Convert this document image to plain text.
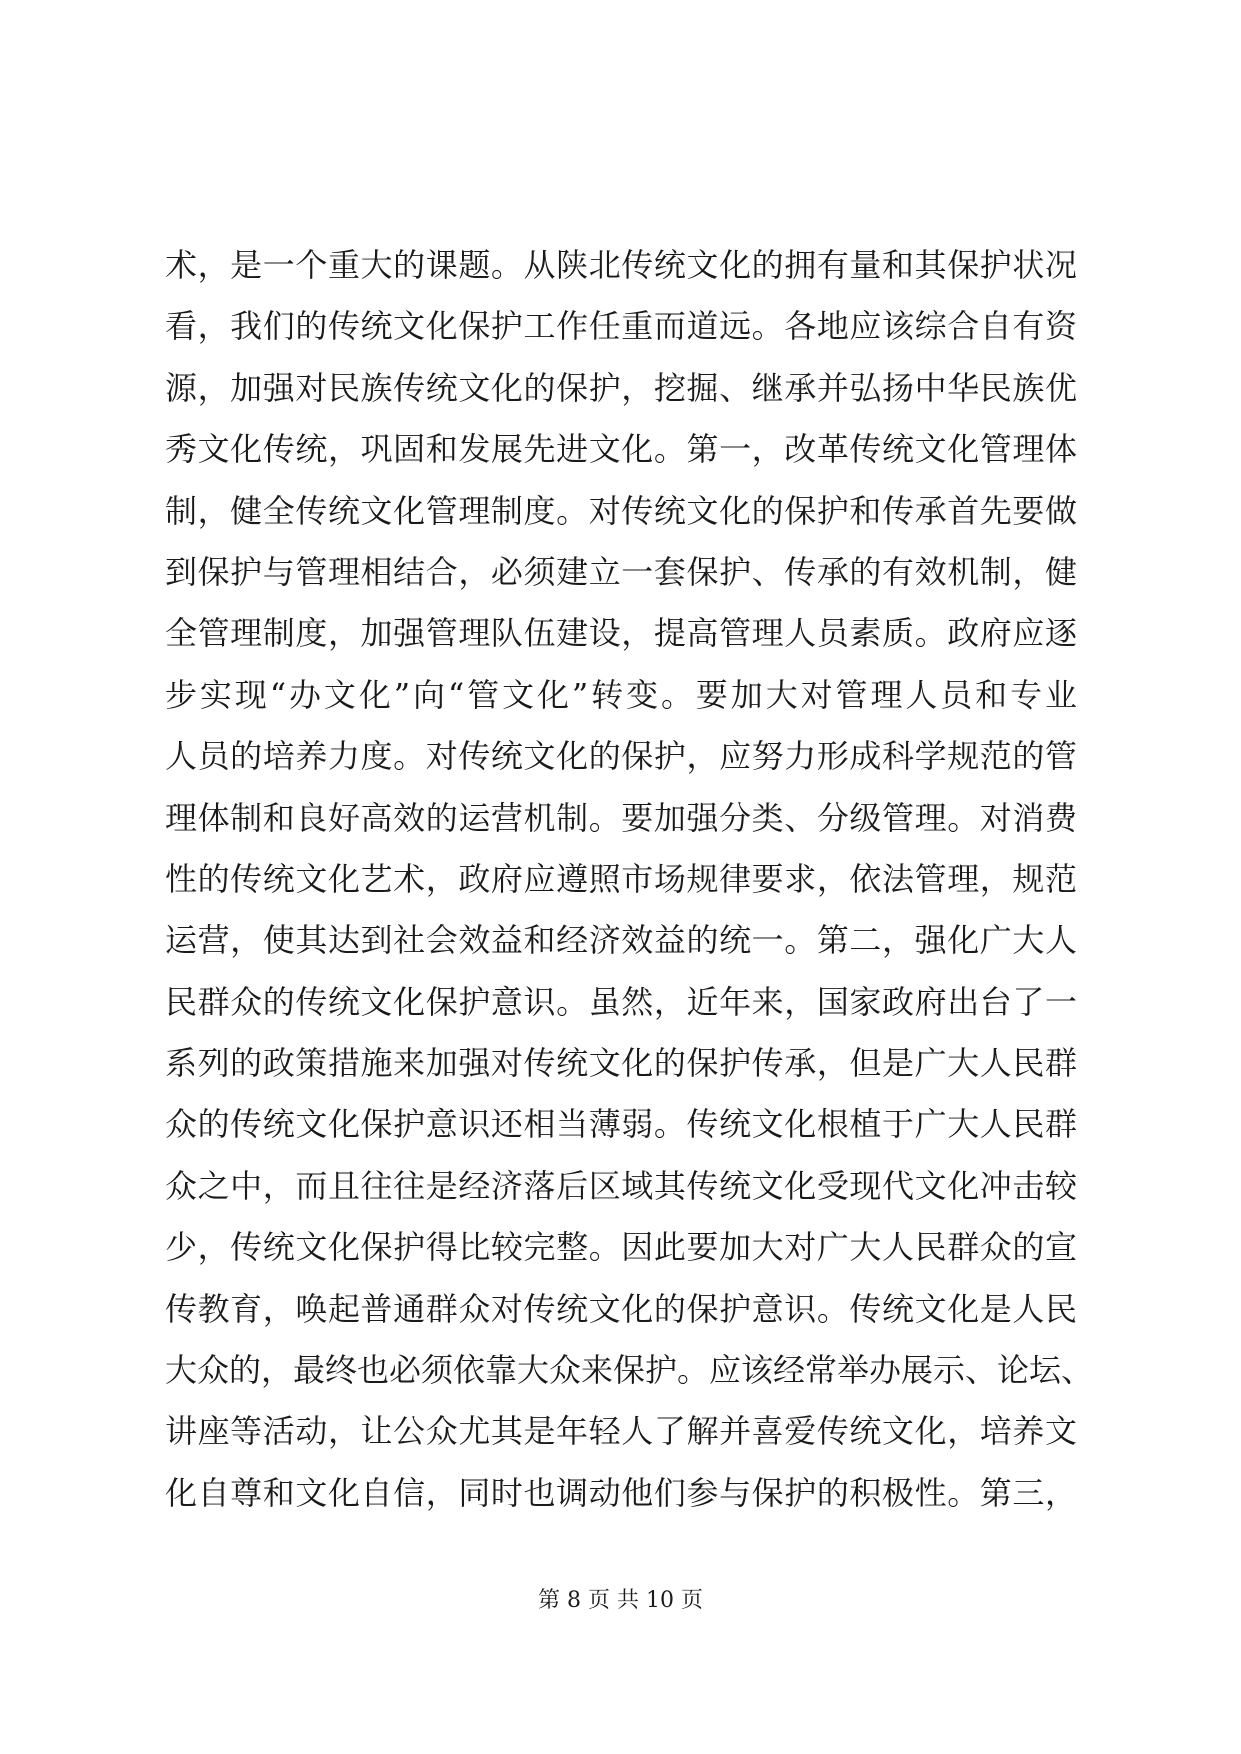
术，是一个重大的课题。从陕北传统文化的拥有量和其保护状况
看，我们的传统文化保护工作任重而道远。各地应该综合自有资
源，加强对民族传统文化的保护，挖掘、继承并弘扬中华民族优
秀文化传统，巩固和发展先进文化。第一，改革传统文化管理体
制，健全传统文化管理制度。对传统文化的保护和传承首先要做
到保护与管理相结合，必须建立一套保护、传承的有效机制，健
全管理制度，加强管理队伍建设，提高管理人员素质。政府应逐
步实现“办文化”向“管文化”转变。要加大对管理人员和专业
人员的培养力度。对传统文化的保护，应努力形成科学规范的管
理体制和良好高效的运营机制。要加强分类、分级管理。对消费
性的传统文化艺术，政府应遵照市场规律要求，依法管理，规范
运营，使其达到社会效益和经济效益的统一。第二，强化广大人
民群众的传统文化保护意识。虽然，近年来，国家政府出台了一
系列的政策措施来加强对传统文化的保护传承，但是广大人民群
众的传统文化保护意识还相当薄弱。传统文化根植于广大人民群
众之中，而且往往是经济落后区域其传统文化受现代文化冲击较
少，传统文化保护得比较完整。因此要加大对广大人民群众的宣
传教育，唤起普通群众对传统文化的保护意识。传统文化是人民
大众的，最终也必须依靠大众来保护。应该经常举办展示、论坛、
讲座等活动，让公众尤其是年轻人了解并喜爱传统文化，培养文
化自尊和文化自信，同时也调动他们参与保护的积极性。第三，
第 8 页 共 10 页
